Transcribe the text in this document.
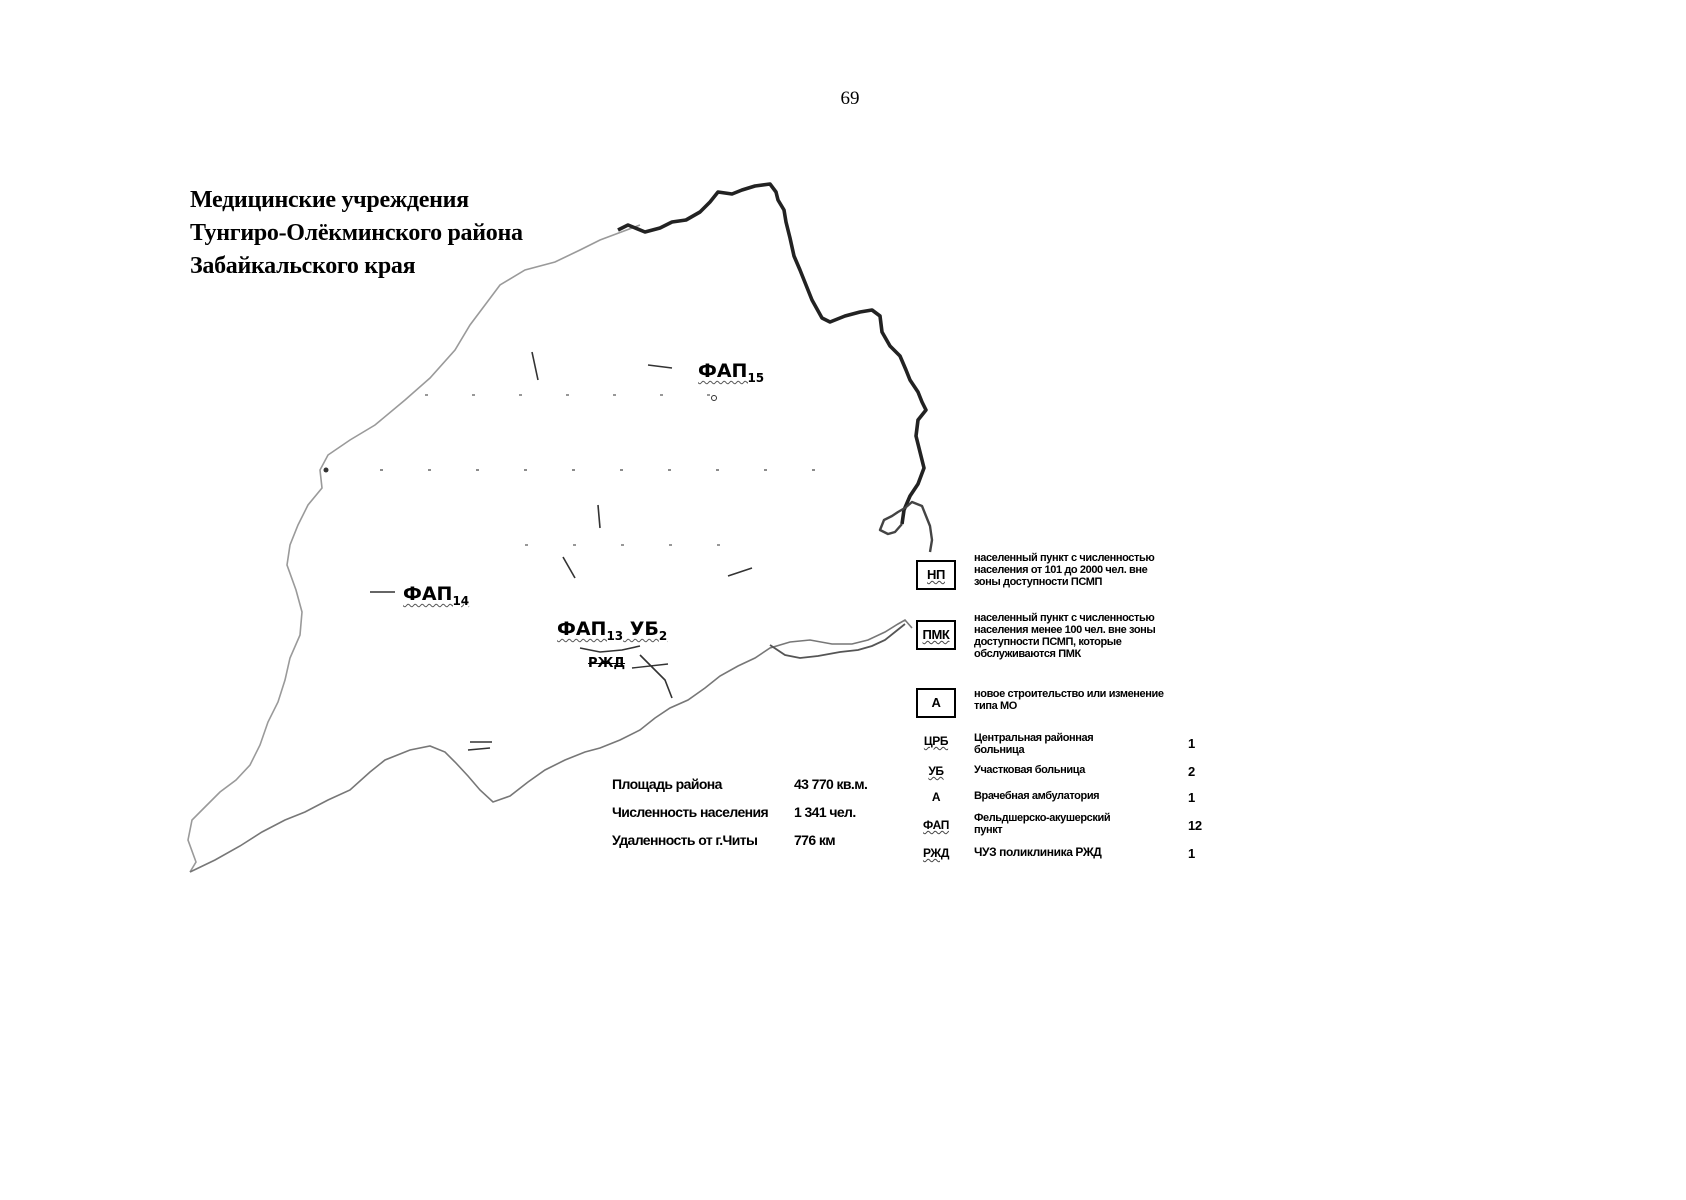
69
Медицинские учреждения
Тунгиро-Олёкминского района
Забайкальского края
$ФАП_{15}$
$ФАП_{14}$
$ФАП_{13}$ $УБ_2$
РЖД
Площадь района	43 770 кв.м.
Численность населения 1 341 чел.
Удаленность от г.Читы	776 км
НП
населенный пункт с численностью населения от 101 до 2000 чел. вне зоны доступности ПСМП
ПМК
населенный пункт с численностью населения менее 100 чел. вне зоны доступности ПСМП, которые обслуживаются ПМК
А
новое строительство или изменение типа МО
ЦРБ	Центральная районная больница	1
УБ	Участковая больница	2
А	Врачебная амбулатория	1
ФАП	Фельдшерско-акушерский пункт	12
РЖД	ЧУЗ поликлиника РЖД	1
